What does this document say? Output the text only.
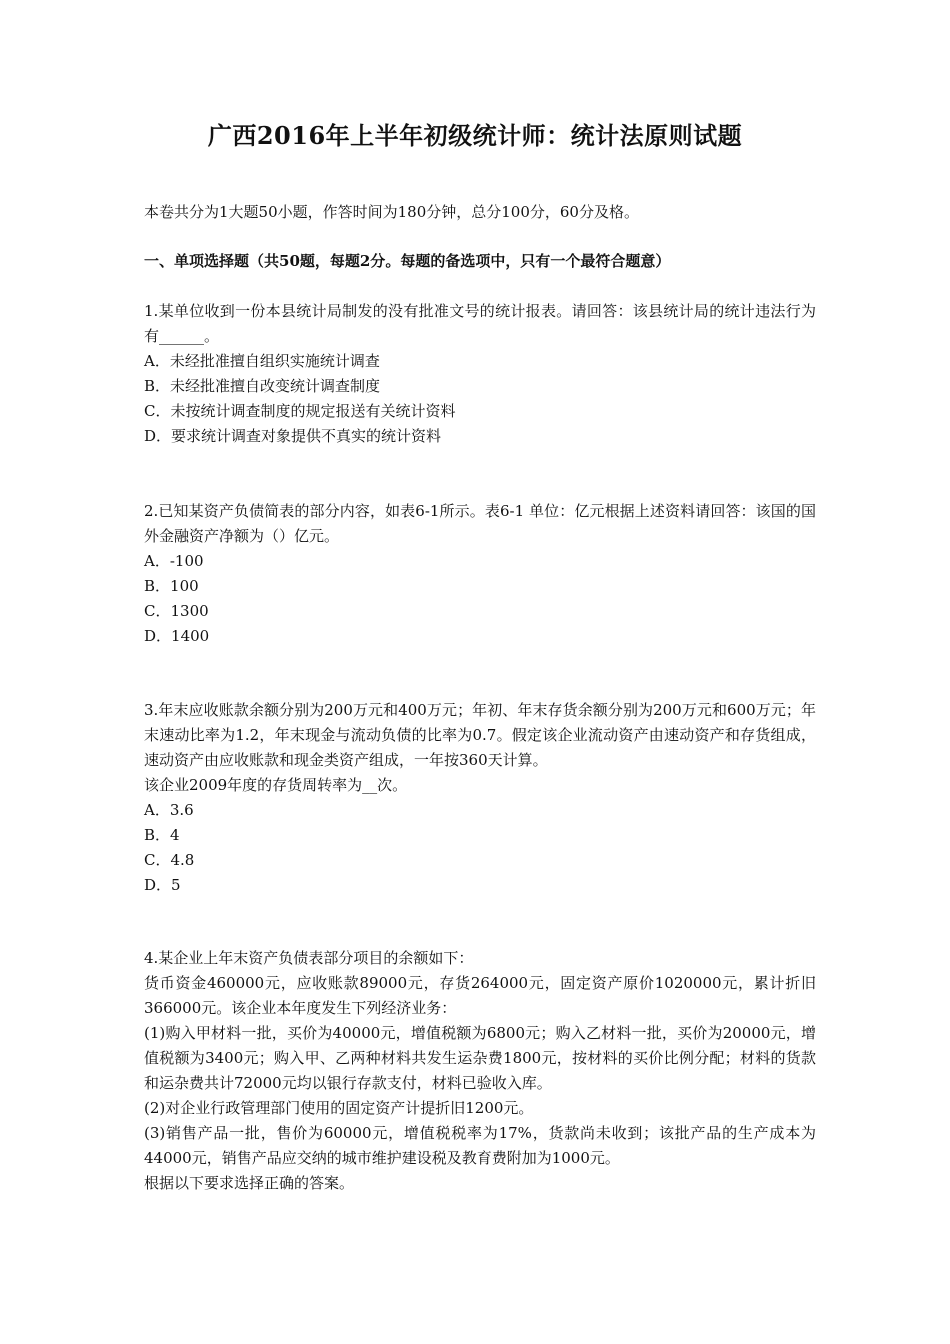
广西2016年上半年初级统计师：统计法原则试题
本卷共分为1大题50小题，作答时间为180分钟，总分100分，60分及格。
一、单项选择题（共50题，每题2分。每题的备选项中，只有一个最符合题意）

1.某单位收到一份本县统计局制发的没有批准文号的统计报表。请回答：该县统计局的统计违法行为有______。

A．未经批准擅自组织实施统计调查

B．未经批准擅自改变统计调查制度

C．未按统计调查制度的规定报送有关统计资料

D．要求统计调查对象提供不真实的统计资料

2.已知某资产负债简表的部分内容，如表6-1所示。表6-1 单位：亿元根据上述资料请回答：该国的国外金融资产净额为（）亿元。

A．-100

B．100

C．1300

D．1400

3.年末应收账款余额分别为200万元和400万元；年初、年末存货余额分别为200万元和600万元；年末速动比率为1.2，年末现金与流动负债的比率为0.7。假定该企业流动资产由速动资产和存货组成，速动资产由应收账款和现金类资产组成，一年按360天计算。

该企业2009年度的存货周转率为__次。

A．3.6

B．4

C．4.8

D．5

4.某企业上年末资产负债表部分项目的余额如下：

货币资金460000元，应收账款89000元，存货264000元，固定资产原价1020000元，累计折旧366000元。该企业本年度发生下列经济业务：

(1)购入甲材料一批，买价为40000元，增值税额为6800元；购入乙材料一批，买价为20000元，增值税额为3400元；购入甲、乙两种材料共发生运杂费1800元，按材料的买价比例分配；材料的货款和运杂费共计72000元均以银行存款支付，材料已验收入库。

(2)对企业行政管理部门使用的固定资产计提折旧1200元。

(3)销售产品一批，售价为60000元，增值税税率为17%，货款尚未收到；该批产品的生产成本为44000元，销售产品应交纳的城市维护建设税及教育费附加为1000元。

根据以下要求选择正确的答案。
